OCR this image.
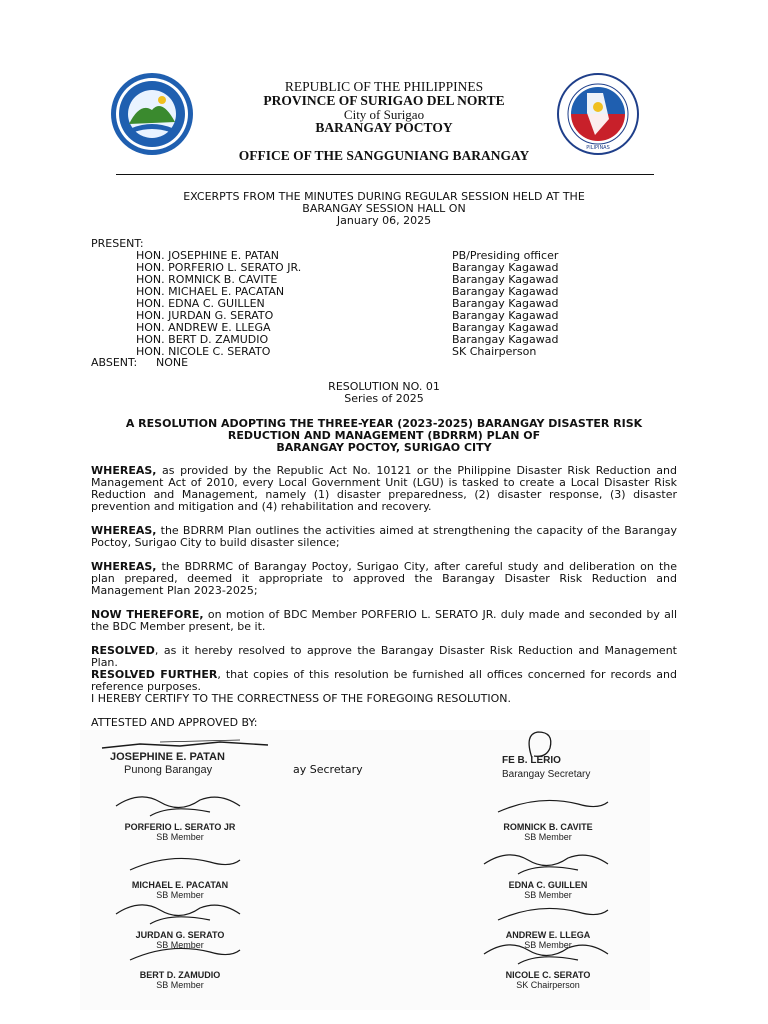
PILIPINAS
REPUBLIC OF THE PHILIPPINES
PROVINCE OF SURIGAO DEL NORTE
City of Surigao
BARANGAY POCTOY
OFFICE OF THE SANGGUNIANG BARANGAY
EXCERPTS FROM THE MINUTES DURING REGULAR SESSION HELD AT THE
BARANGAY SESSION HALL ON
January 06, 2025
PRESENT:
HON. JOSEPHINE E. PATAN	PB/Presiding officer
HON. PORFERIO L. SERATO JR.	Barangay Kagawad
HON. ROMNICK B. CAVITE	Barangay Kagawad
HON. MICHAEL E. PACATAN	Barangay Kagawad
HON. EDNA C. GUILLEN	Barangay Kagawad
HON. JURDAN G. SERATO	Barangay Kagawad
HON. ANDREW E. LLEGA	Barangay Kagawad
HON. BERT D. ZAMUDIO	Barangay Kagawad
HON. NICOLE C. SERATO	SK Chairperson
ABSENT: NONE
RESOLUTION NO. 01
Series of 2025
A RESOLUTION ADOPTING THE THREE-YEAR (2023-2025) BARANGAY DISASTER RISK
REDUCTION AND MANAGEMENT (BDRRM) PLAN OF
BARANGAY POCTOY, SURIGAO CITY
WHEREAS, as provided by the Republic Act No. 10121 or the Philippine Disaster Risk Reduction and Management Act of 2010, every Local Government Unit (LGU) is tasked to create a Local Disaster Risk Reduction and Management, namely (1) disaster preparedness, (2) disaster response, (3) disaster prevention and mitigation and (4) rehabilitation and recovery.
WHEREAS, the BDRRM Plan outlines the activities aimed at strengthening the capacity of the Barangay Poctoy, Surigao City to build disaster silence;
WHEREAS, the BDRRMC of Barangay Poctoy, Surigao City, after careful study and deliberation on the plan prepared, deemed it appropriate to approved the Barangay Disaster Risk Reduction and Management Plan 2023-2025;
NOW THEREFORE, on motion of BDC Member PORFERIO L. SERATO JR. duly made and seconded by all the BDC Member present, be it.
RESOLVED, as it hereby resolved to approve the Barangay Disaster Risk Reduction and Management Plan.
RESOLVED FURTHER, that copies of this resolution be furnished all offices concerned for records and reference purposes.
I HEREBY CERTIFY TO THE CORRECTNESS OF THE FOREGOING RESOLUTION.
ATTESTED AND APPROVED BY:
JOSEPHINE E. PATAN
Punong Barangay	ay Secretary
FE B. LERIO
Barangay Secretary
PORFERIO L. SERATO JR
SB Member
ROMNICK B. CAVITE
SB Member
MICHAEL E. PACATAN
SB Member
EDNA C. GUILLEN
SB Member
JURDAN G. SERATO
SB Member
ANDREW E. LLEGA
SB Member
BERT D. ZAMUDIO
SB Member
NICOLE C. SERATO
SK Chairperson
